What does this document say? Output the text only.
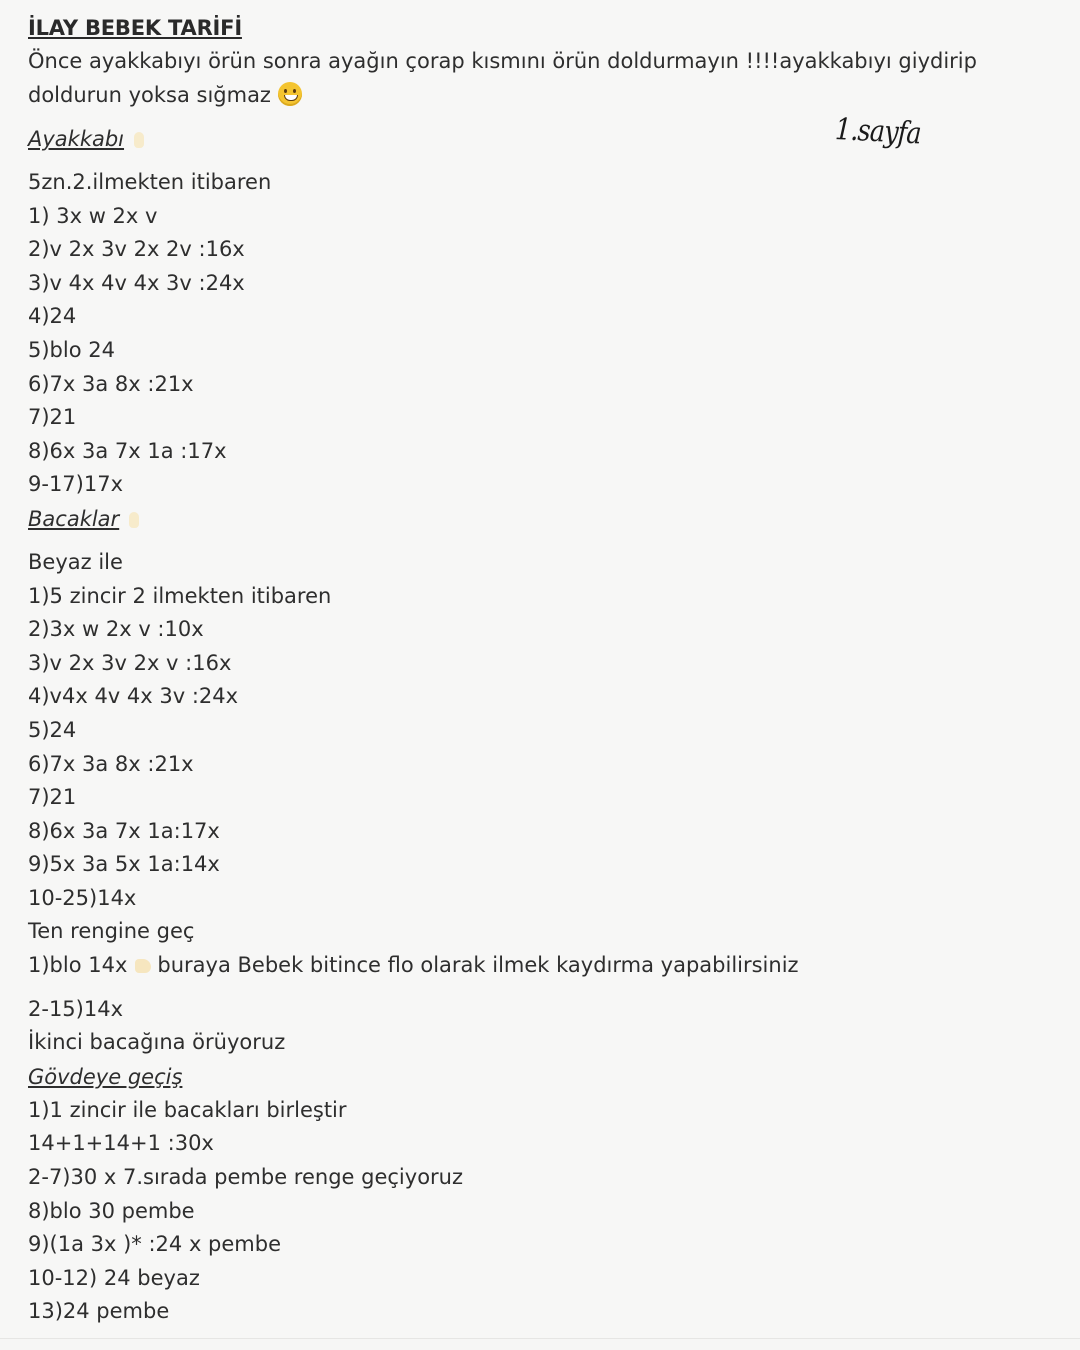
1.sayfa
İLAY BEBEK TARİFİ
Önce ayakkabıyı örün sonra ayağın çorap kısmını örün doldurmayın !!!!ayakkabıyı giydirip doldurun yoksa sığmaz
Ayakkabı
5zn.2.ilmekten itibaren
1) 3x w 2x v
2)v 2x 3v 2x 2v :16x
3)v 4x 4v 4x 3v :24x
4)24
5)blo 24
6)7x 3a 8x :21x
7)21
8)6x 3a 7x 1a :17x
9-17)17x
Bacaklar
Beyaz ile
1)5 zincir 2 ilmekten itibaren
2)3x w 2x v :10x
3)v 2x 3v 2x v :16x
4)v4x 4v 4x 3v :24x
5)24
6)7x 3a 8x :21x
7)21
8)6x 3a 7x 1a:17x
9)5x 3a 5x 1a:14x
10-25)14x
Ten rengine geç
1)blo 14x buraya Bebek bitince flo olarak ilmek kaydırma yapabilirsiniz
2-15)14x
İkinci bacağına örüyoruz
Gövdeye geçiş
1)1 zincir ile bacakları birleştir
14+1+14+1 :30x
2-7)30 x 7.sırada pembe renge geçiyoruz
8)blo 30 pembe
9)(1a 3x )* :24 x pembe
10-12) 24 beyaz
13)24 pembe
